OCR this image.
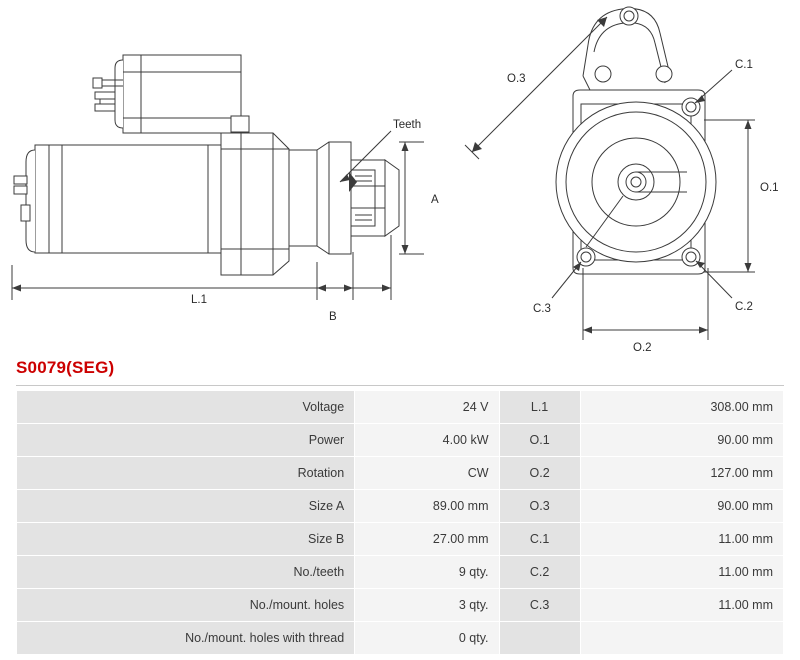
Teeth
A
L.1
B
O.3
O.1
O.2
C.1
C.2
C.3
S0079(SEG)
Voltage	24 V	L.1	308.00 mm
Power	4.00 kW	O.1	90.00 mm
Rotation	CW	O.2	127.00 mm
Size A	89.00 mm	O.3	90.00 mm
Size B	27.00 mm	C.1	11.00 mm
No./teeth	9 qty.	C.2	11.00 mm
No./mount. holes	3 qty.	C.3	11.00 mm
No./mount. holes with thread	0 qty.		
